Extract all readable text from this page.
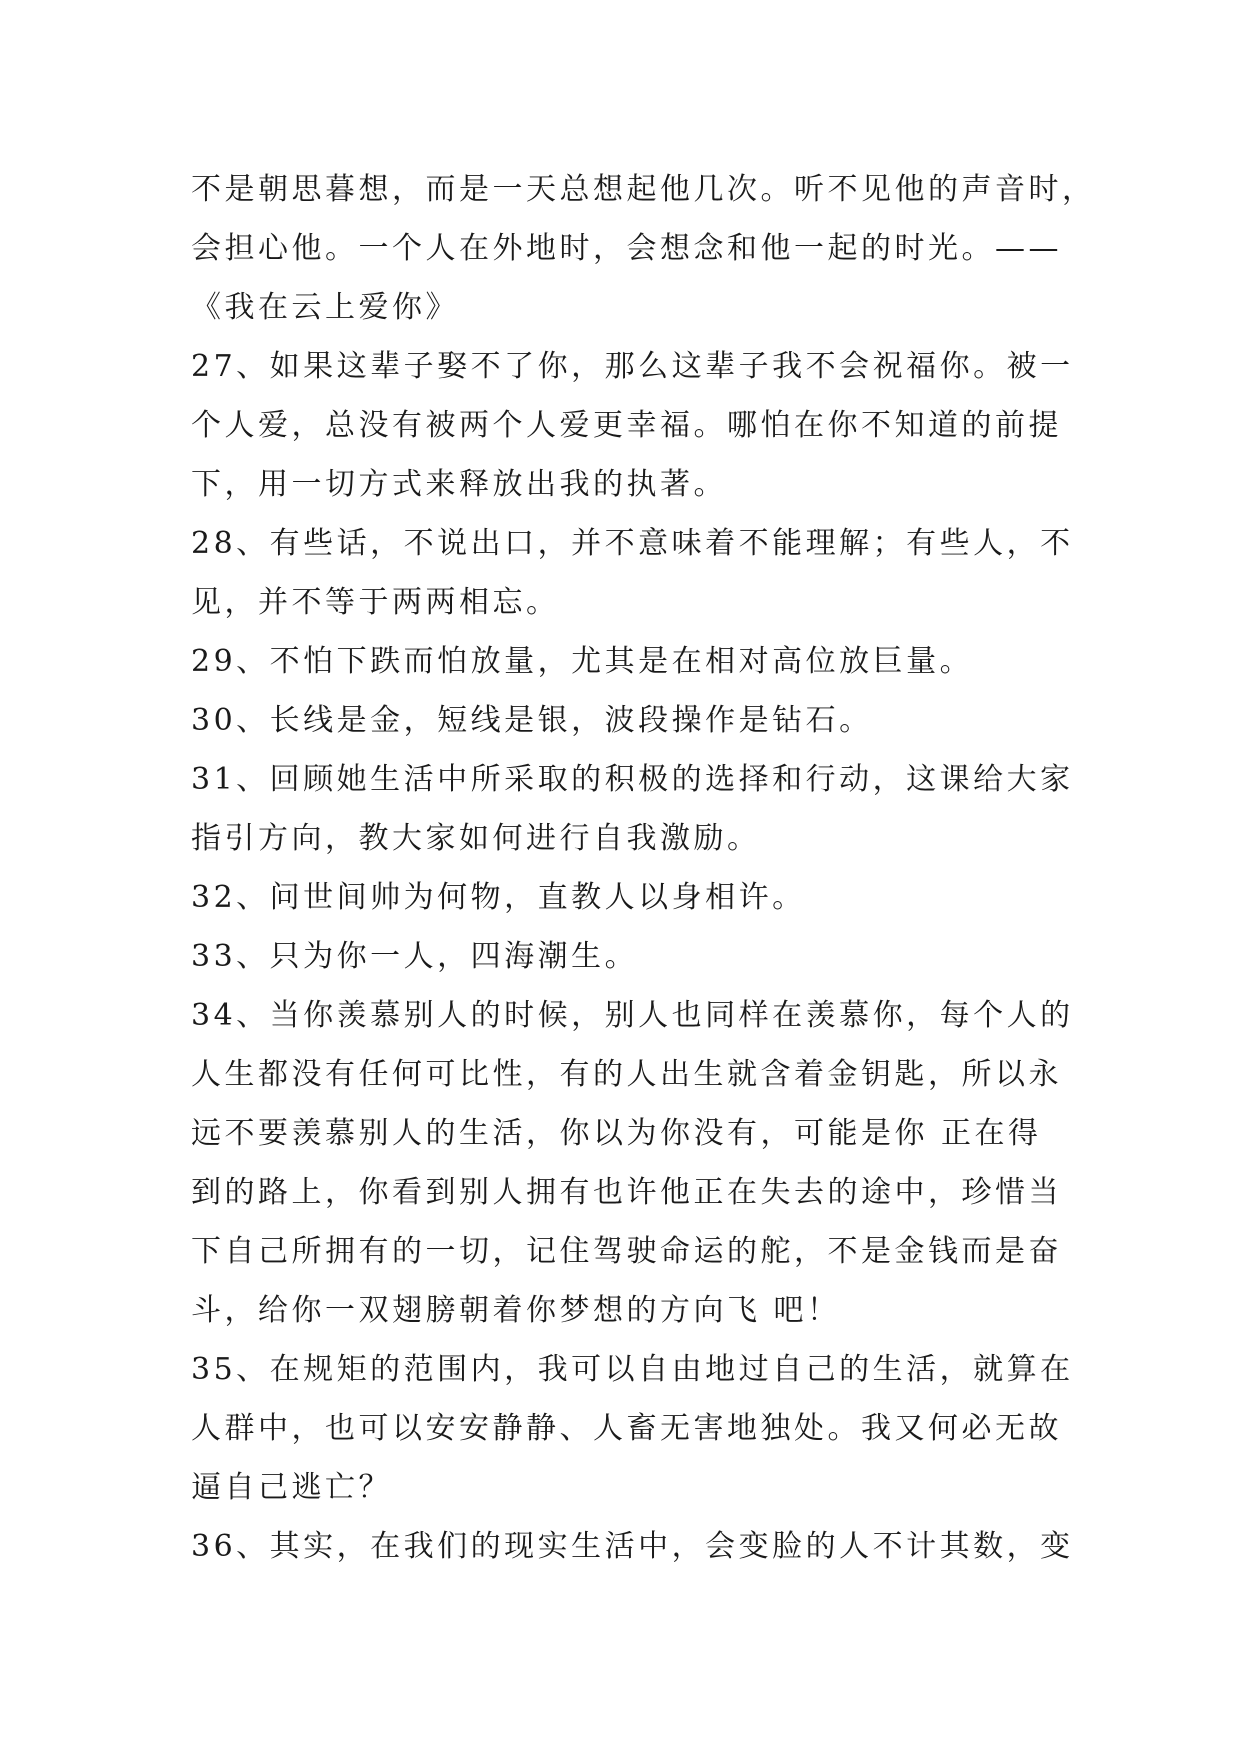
不是朝思暮想，而是一天总想起他几次。听不见他的声音时，
会担心他。一个人在外地时，会想念和他一起的时光。——
《我在云上爱你》
27、如果这辈子娶不了你，那么这辈子我不会祝福你。被一
个人爱，总没有被两个人爱更幸福。哪怕在你不知道的前提
下，用一切方式来释放出我的执著。
28、有些话，不说出口，并不意味着不能理解；有些人，不
见，并不等于两两相忘。
29、不怕下跌而怕放量，尤其是在相对高位放巨量。
30、长线是金，短线是银，波段操作是钻石。
31、回顾她生活中所采取的积极的选择和行动，这课给大家
指引方向，教大家如何进行自我激励。
32、问世间帅为何物，直教人以身相许。
33、只为你一人，四海潮生。
34、当你羡慕别人的时候，别人也同样在羡慕你，每个人的
人生都没有任何可比性，有的人出生就含着金钥匙，所以永
远不要羡慕别人的生活，你以为你没有，可能是你 正在得
到的路上，你看到别人拥有也许他正在失去的途中，珍惜当
下自己所拥有的一切，记住驾驶命运的舵，不是金钱而是奋
斗，给你一双翅膀朝着你梦想的方向飞 吧！
35、在规矩的范围内，我可以自由地过自己的生活，就算在
人群中，也可以安安静静、人畜无害地独处。我又何必无故
逼自己逃亡？
36、其实，在我们的现实生活中，会变脸的人不计其数，变
